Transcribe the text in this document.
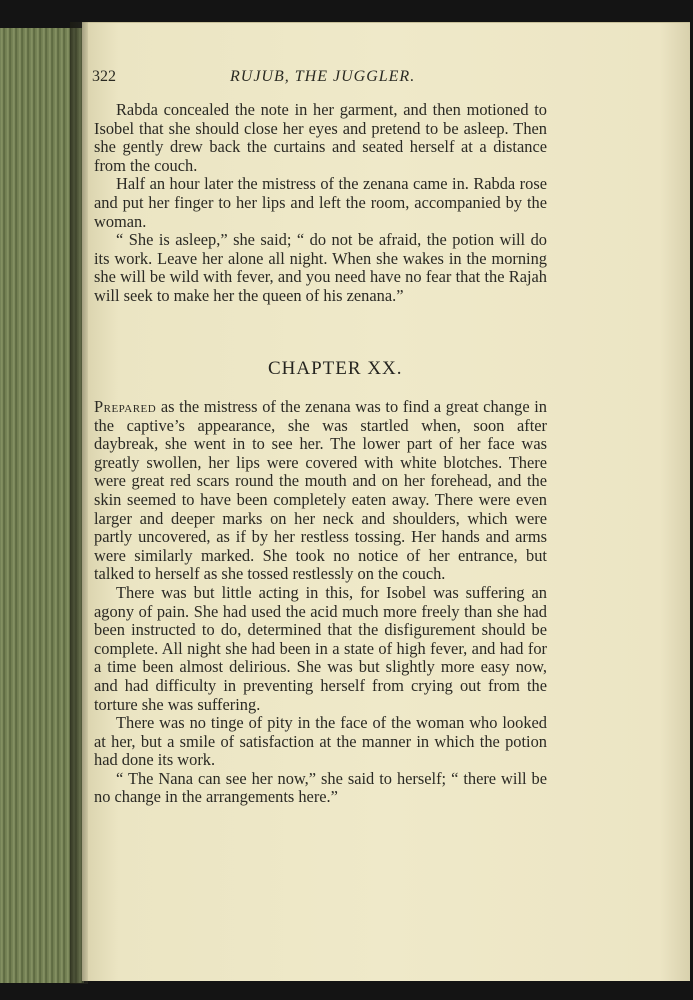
322	RUJUB, THE JUGGLER.

Rabda concealed the note in her garment, and then motioned to Isobel that she should close her eyes and pretend to be asleep. Then she gently drew back the curtains and seated herself at a distance from the couch.

Half an hour later the mistress of the zenana came in. Rabda rose and put her finger to her lips and left the room, accompanied by the woman.

“ She is asleep,” she said; “ do not be afraid, the potion will do its work. Leave her alone all night. When she wakes in the morning she will be wild with fever, and you need have no fear that the Rajah will seek to make her the queen of his zenana.”

CHAPTER XX.

Prepared as the mistress of the zenana was to find a great change in the captive’s appearance, she was startled when, soon after daybreak, she went in to see her. The lower part of her face was greatly swollen, her lips were covered with white blotches. There were great red scars round the mouth and on her forehead, and the skin seemed to have been completely eaten away. There were even larger and deeper marks on her neck and shoulders, which were partly uncovered, as if by her restless tossing. Her hands and arms were similarly marked. She took no notice of her entrance, but talked to herself as she tossed restlessly on the couch.

There was but little acting in this, for Isobel was suffering an agony of pain. She had used the acid much more freely than she had been instructed to do, determined that the disfigurement should be complete. All night she had been in a state of high fever, and had for a time been almost delirious. She was but slightly more easy now, and had difficulty in preventing herself from crying out from the torture she was suffering.

There was no tinge of pity in the face of the woman who looked at her, but a smile of satisfaction at the manner in which the potion had done its work.

“ The Nana can see her now,” she said to herself; “ there will be no change in the arrangements here.”
